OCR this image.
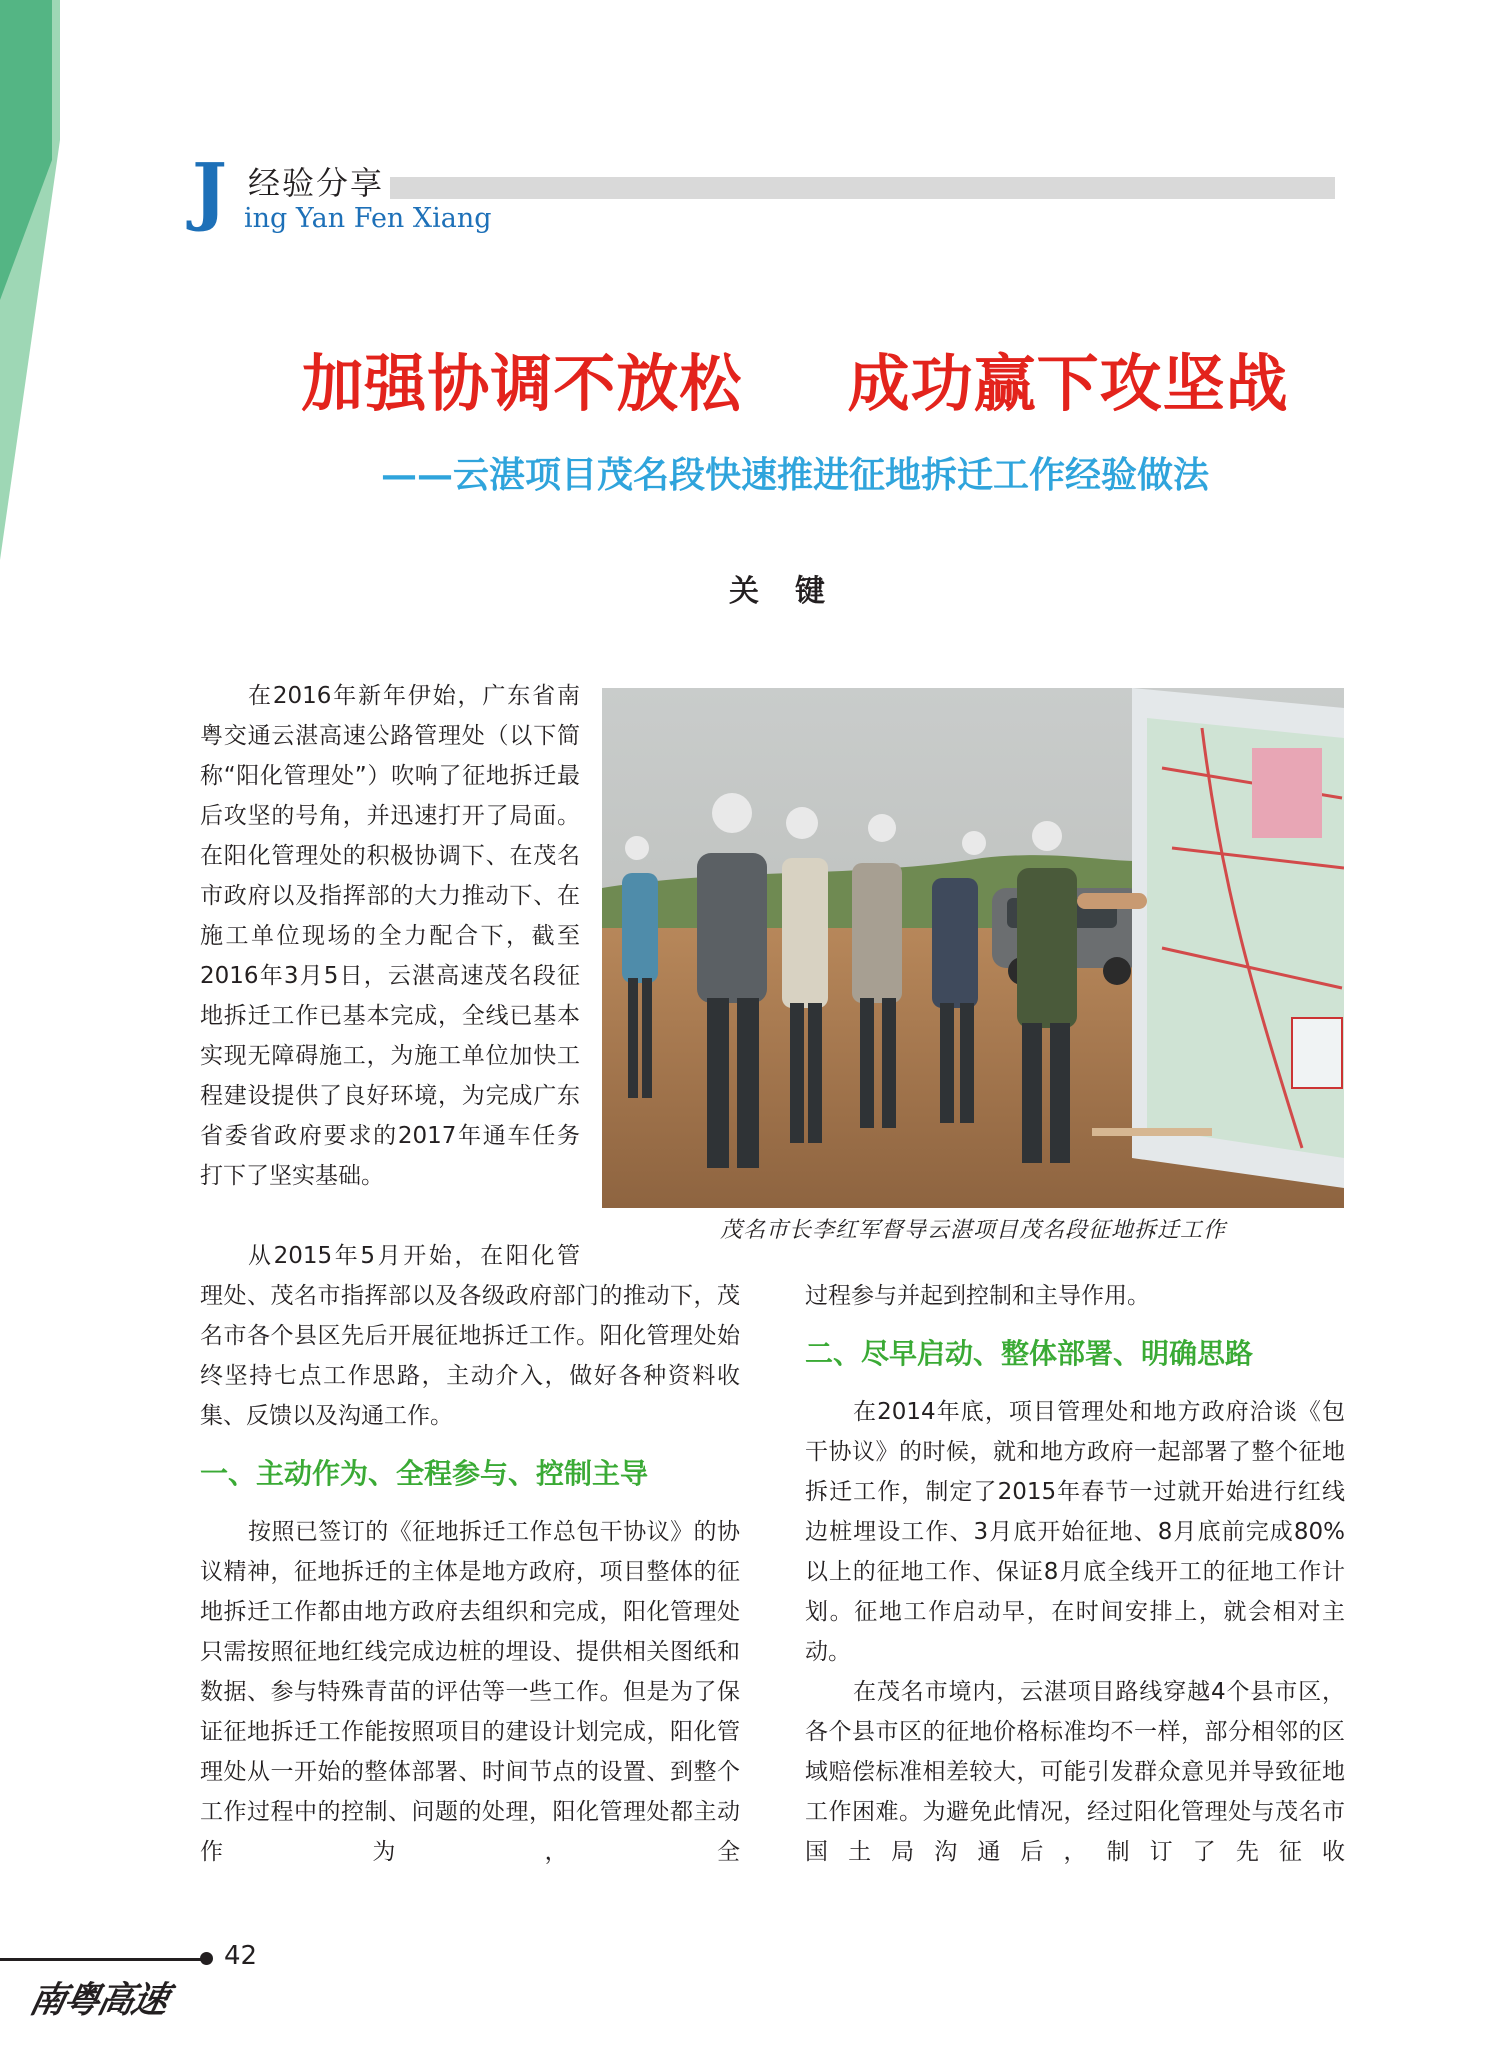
J 经验分享
ing Yan Fen Xiang
加强协调不放松  成功赢下攻坚战
——云湛项目茂名段快速推进征地拆迁工作经验做法
关键
在2016年新年伊始，广东省南粤交通云湛高速公路管理处（以下简称“阳化管理处”）吹响了征地拆迁最后攻坚的号角，并迅速打开了局面。在阳化管理处的积极协调下、在茂名市政府以及指挥部的大力推动下、在施工单位现场的全力配合下，截至2016年3月5日，云湛高速茂名段征地拆迁工作已基本完成，全线已基本实现无障碍施工，为施工单位加快工程建设提供了良好环境，为完成广东省委省政府要求的2017年通车任务打下了坚实基础。
从2015年5月开始，在阳化管
茂名市长李红军督导云湛项目茂名段征地拆迁工作
理处、茂名市指挥部以及各级政府部门的推动下，茂名市各个县区先后开展征地拆迁工作。阳化管理处始终坚持七点工作思路，主动介入，做好各种资料收集、反馈以及沟通工作。
一、主动作为、全程参与、控制主导
按照已签订的《征地拆迁工作总包干协议》的协议精神，征地拆迁的主体是地方政府，项目整体的征地拆迁工作都由地方政府去组织和完成，阳化管理处只需按照征地红线完成边桩的埋设、提供相关图纸和数据、参与特殊青苗的评估等一些工作。但是为了保证征地拆迁工作能按照项目的建设计划完成，阳化管理处从一开始的整体部署、时间节点的设置、到整个工作过程中的控制、问题的处理，阳化管理处都主动作为，全
过程参与并起到控制和主导作用。
二、尽早启动、整体部署、明确思路
在2014年底，项目管理处和地方政府洽谈《包干协议》的时候，就和地方政府一起部署了整个征地拆迁工作，制定了2015年春节一过就开始进行红线边桩埋设工作、3月底开始征地、8月底前完成80%以上的征地工作、保证8月底全线开工的征地工作计划。征地工作启动早，在时间安排上，就会相对主动。
在茂名市境内，云湛项目路线穿越4个县市区，各个县市区的征地价格标准均不一样，部分相邻的区域赔偿标准相差较大，可能引发群众意见并导致征地工作困难。为避免此情况，经过阳化管理处与茂名市国土局沟通后，制订了先征收
42
南粤高速
